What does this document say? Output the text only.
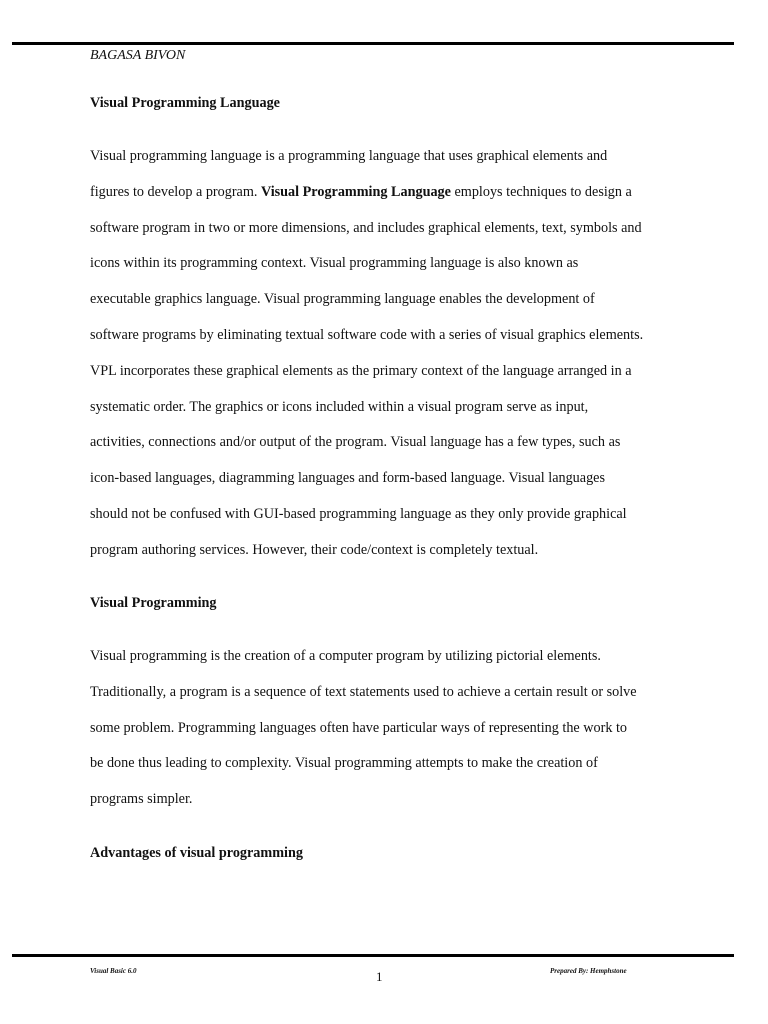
BAGASA BIVON
Visual Programming Language
Visual programming language is a programming language that uses graphical elements and
figures to develop a program. Visual Programming Language employs techniques to design a
software program in two or more dimensions, and includes graphical elements, text, symbols and
icons within its programming context. Visual programming language is also known as
executable graphics language. Visual programming language enables the development of
software programs by eliminating textual software code with a series of visual graphics elements.
VPL incorporates these graphical elements as the primary context of the language arranged in a
systematic order. The graphics or icons included within a visual program serve as input,
activities, connections and/or output of the program. Visual language has a few types, such as
icon-based languages, diagramming languages and form-based language. Visual languages
should not be confused with GUI-based programming language as they only provide graphical
program authoring services. However, their code/context is completely textual.
Visual Programming
Visual programming is the creation of a computer program by utilizing pictorial elements.
Traditionally, a program is a sequence of text statements used to achieve a certain result or solve
some problem. Programming languages often have particular ways of representing the work to
be done thus leading to complexity. Visual programming attempts to make the creation of
programs simpler.
Advantages of visual programming
Visual Basic 6.0	1	Prepared By: Hemphstone
